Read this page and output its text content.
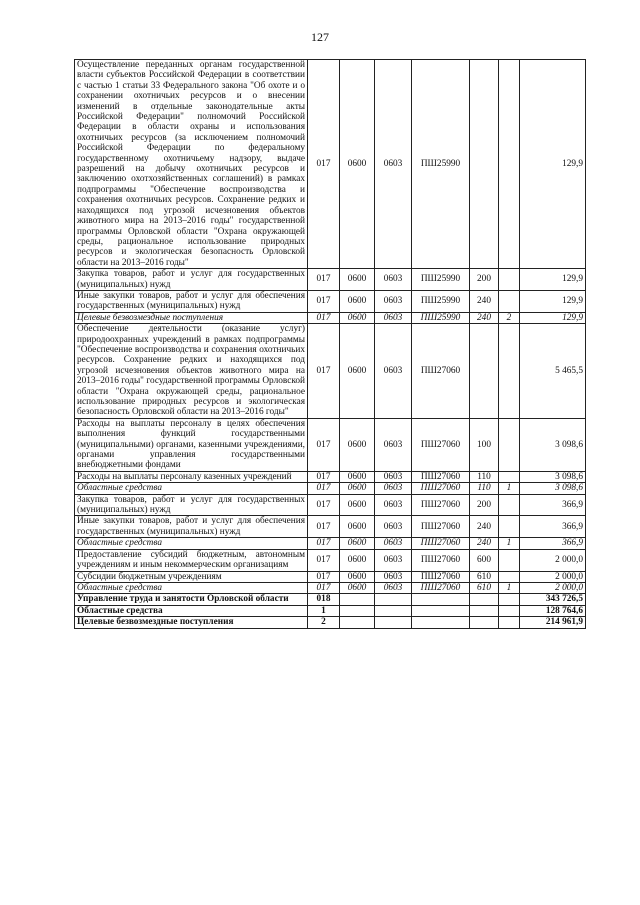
127
Осуществление переданных органам государственной власти субъектов Российской Федерации в соответствии с частью 1 статьи 33 Федерального закона "Об охоте и о сохранении охотничьих ресурсов и о внесении изменений в отдельные законодательные акты Российской Федерации" полномочий Российской Федерации в области охраны и использования охотничьих ресурсов (за исключением полномочий Российской Федерации по федеральному государственному охотничьему надзору, выдаче разрешений на добычу охотничьих ресурсов и заключению охотхозяйственных соглашений) в рамках подпрограммы "Обеспечение воспроизводства и сохранения охотничьих ресурсов. Сохранение редких и находящихся под угрозой исчезновения объектов животного мира на 2013–2016 годы" государственной программы Орловской области "Охрана окружающей среды, рациональное использование природных ресурсов и экологическая безопасность Орловской области на 2013–2016 годы"	017	0600	0603	ПШ25990			129,9
Закупка товаров, работ и услуг для государственных (муниципальных) нужд	017	0600	0603	ПШ25990	200		129,9
Иные закупки товаров, работ и услуг для обеспечения государственных (муниципальных) нужд	017	0600	0603	ПШ25990	240		129,9
Целевые безвозмездные поступления	017	0600	0603	ПШ25990	240	2	129,9
Обеспечение деятельности (оказание услуг) природоохранных учреждений в рамках подпрограммы "Обеспечение воспроизводства и сохранения охотничьих ресурсов. Сохранение редких и находящихся под угрозой исчезновения объектов животного мира на 2013–2016 годы" государственной программы Орловской области "Охрана окружающей среды, рациональное использование природных ресурсов и экологическая безопасность Орловской области на 2013–2016 годы"	017	0600	0603	ПШ27060			5 465,5
Расходы на выплаты персоналу в целях обеспечения выполнения функций государственными (муниципальными) органами, казенными учреждениями, органами управления государственными внебюджетными фондами	017	0600	0603	ПШ27060	100		3 098,6
Расходы на выплаты персоналу казенных учреждений	017	0600	0603	ПШ27060	110		3 098,6
Областные средства	017	0600	0603	ПШ27060	110	1	3 098,6
Закупка товаров, работ и услуг для государственных (муниципальных) нужд	017	0600	0603	ПШ27060	200		366,9
Иные закупки товаров, работ и услуг для обеспечения государственных (муниципальных) нужд	017	0600	0603	ПШ27060	240		366,9
Областные средства	017	0600	0603	ПШ27060	240	1	366,9
Предоставление субсидий бюджетным, автономным учреждениям и иным некоммерческим организациям	017	0600	0603	ПШ27060	600		2 000,0
Субсидии бюджетным учреждениям	017	0600	0603	ПШ27060	610		2 000,0
Областные средства	017	0600	0603	ПШ27060	610	1	2 000,0
Управление труда и занятости Орловской области	018						343 726,5
Областные средства	1						128 764,6
Целевые безвозмездные поступления	2						214 961,9
